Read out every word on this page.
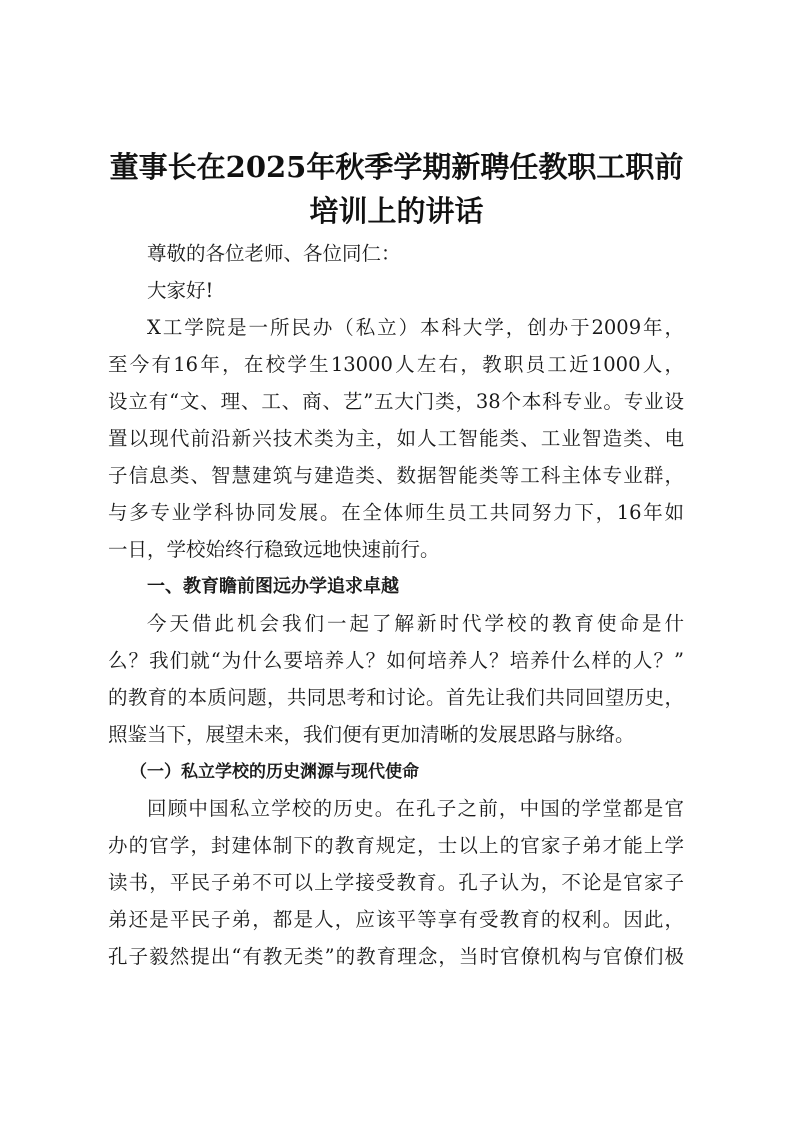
董事长在2025年秋季学期新聘任教职工职前
培训上的讲话
尊敬的各位老师、各位同仁：
大家好!
X工学院是一所民办（私立）本科大学，创办于2009年，
至今有16年，在校学生13000人左右，教职员工近1000人，
设立有“文、理、工、商、艺”五大门类，38个本科专业。专业设
置以现代前沿新兴技术类为主，如人工智能类、工业智造类、电
子信息类、智慧建筑与建造类、数据智能类等工科主体专业群，
与多专业学科协同发展。在全体师生员工共同努力下，16年如
一日，学校始终行稳致远地快速前行。
一、教育瞻前图远办学追求卓越
今天借此机会我们一起了解新时代学校的教育使命是什
么？我们就“为什么要培养人？如何培养人？培养什么样的人？”
的教育的本质问题，共同思考和讨论。首先让我们共同回望历史，
照鉴当下，展望未来，我们便有更加清晰的发展思路与脉络。
（一）私立学校的历史渊源与现代使命
回顾中国私立学校的历史。在孔子之前，中国的学堂都是官
办的官学，封建体制下的教育规定，士以上的官家子弟才能上学
读书，平民子弟不可以上学接受教育。孔子认为，不论是官家子
弟还是平民子弟，都是人，应该平等享有受教育的权利。因此，
孔子毅然提出“有教无类”的教育理念，当时官僚机构与官僚们极
